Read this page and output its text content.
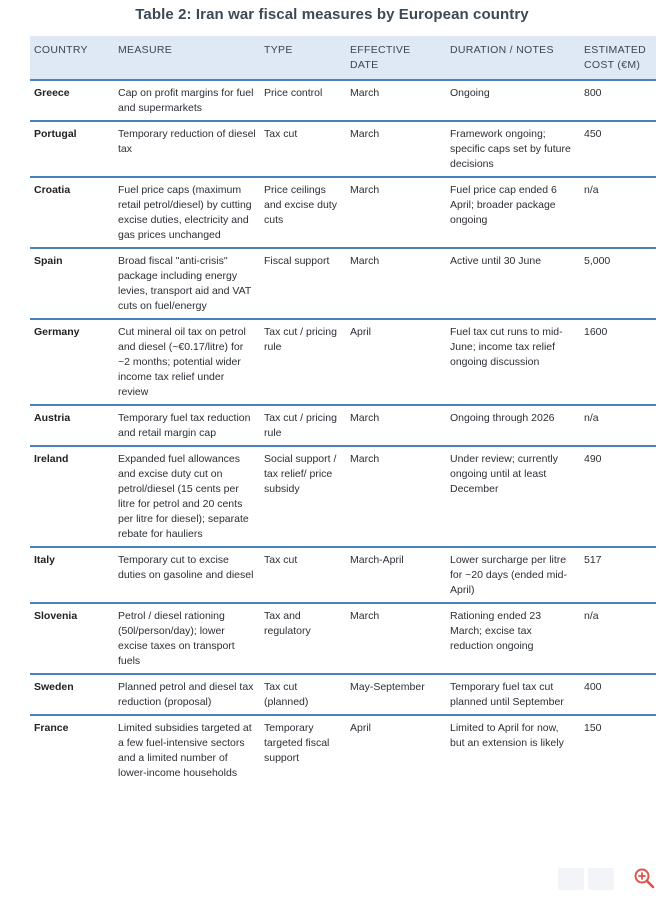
Table 2: Iran war fiscal measures by European country
COUNTRY	MEASURE	TYPE	EFFECTIVE DATE	DURATION / NOTES	ESTIMATED COST (€M)
Greece	Cap on profit margins for fuel and supermarkets	Price control	March	Ongoing	800
Portugal	Temporary reduction of diesel tax	Tax cut	March	Framework ongoing; specific caps set by future decisions	450
Croatia	Fuel price caps (maximum retail petrol/diesel) by cutting excise duties, electricity and gas prices unchanged	Price ceilings and excise duty cuts	March	Fuel price cap ended 6 April; broader package ongoing	n/a
Spain	Broad fiscal "anti-crisis" package including energy levies, transport aid and VAT cuts on fuel/energy	Fiscal support	March	Active until 30 June	5,000
Germany	Cut mineral oil tax on petrol and diesel (~€0.17/litre) for ~2 months; potential wider income tax relief under review	Tax cut / pricing rule	April	Fuel tax cut runs to mid-June; income tax relief ongoing discussion	1600
Austria	Temporary fuel tax reduction and retail margin cap	Tax cut / pricing rule	March	Ongoing through 2026	n/a
Ireland	Expanded fuel allowances and excise duty cut on petrol/diesel (15 cents per litre for petrol and 20 cents per litre for diesel); separate rebate for hauliers	Social support / tax relief/ price subsidy	March	Under review; currently ongoing until at least December	490
Italy	Temporary cut to excise duties on gasoline and diesel	Tax cut	March-April	Lower surcharge per litre for ~20 days (ended mid-April)	517
Slovenia	Petrol / diesel rationing (50l/person/day); lower excise taxes on transport fuels	Tax and regulatory	March	Rationing ended 23 March; excise tax reduction ongoing	n/a
Sweden	Planned petrol and diesel tax reduction (proposal)	Tax cut (planned)	May-September	Temporary fuel tax cut planned until September	400
France	Limited subsidies targeted at a few fuel-intensive sectors and a limited number of lower-income households	Temporary targeted fiscal support	April	Limited to April for now, but an extension is likely	150
